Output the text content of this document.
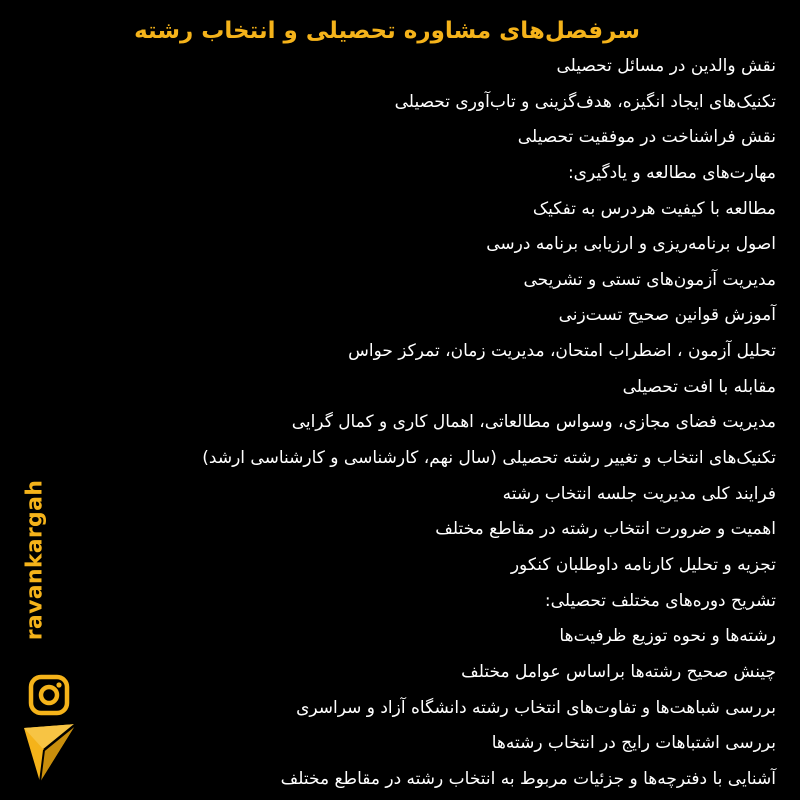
سرفصل‌های مشاوره تحصیلی و انتخاب رشته
نقش والدین در مسائل تحصیلی
تکنیک‌های ایجاد انگیزه، هدف‌گزینی و تاب‌آوری تحصیلی
نقش فراشناخت در موفقیت تحصیلی
مهارت‌های مطالعه و یادگیری:
مطالعه با کیفیت هردرس به تفکیک
اصول برنامه‌ریزی و ارزیابی برنامه درسی
مدیریت آزمون‌های تستی و تشریحی
آموزش قوانین صحیح تست‌زنی
تحلیل آزمون ، اضطراب امتحان، مدیریت زمان، تمرکز حواس
مقابله با افت تحصیلی
مدیریت فضای مجازی، وسواس مطالعاتی، اهمال کاری و کمال گرایی
تکنیک‌های انتخاب و تغییر رشته تحصیلی (سال نهم، کارشناسی و کارشناسی ارشد)
فرایند کلی مدیریت جلسه انتخاب رشته
اهمیت و ضرورت انتخاب رشته در مقاطع مختلف
تجزیه و تحلیل کارنامه داوطلبان کنکور
تشریح دوره‌های مختلف تحصیلی:
رشته‌ها و نحوه توزیع ظرفیت‌ها
چینش صحیح رشته‌ها براساس عوامل مختلف
بررسی شباهت‌ها و تفاوت‌های انتخاب رشته دانشگاه آزاد و سراسری
بررسی اشتباهات رایج در انتخاب رشته‌ها
آشنایی با دفترچه‌ها و جزئیات مربوط به انتخاب رشته در مقاطع مختلف
ravankargah
